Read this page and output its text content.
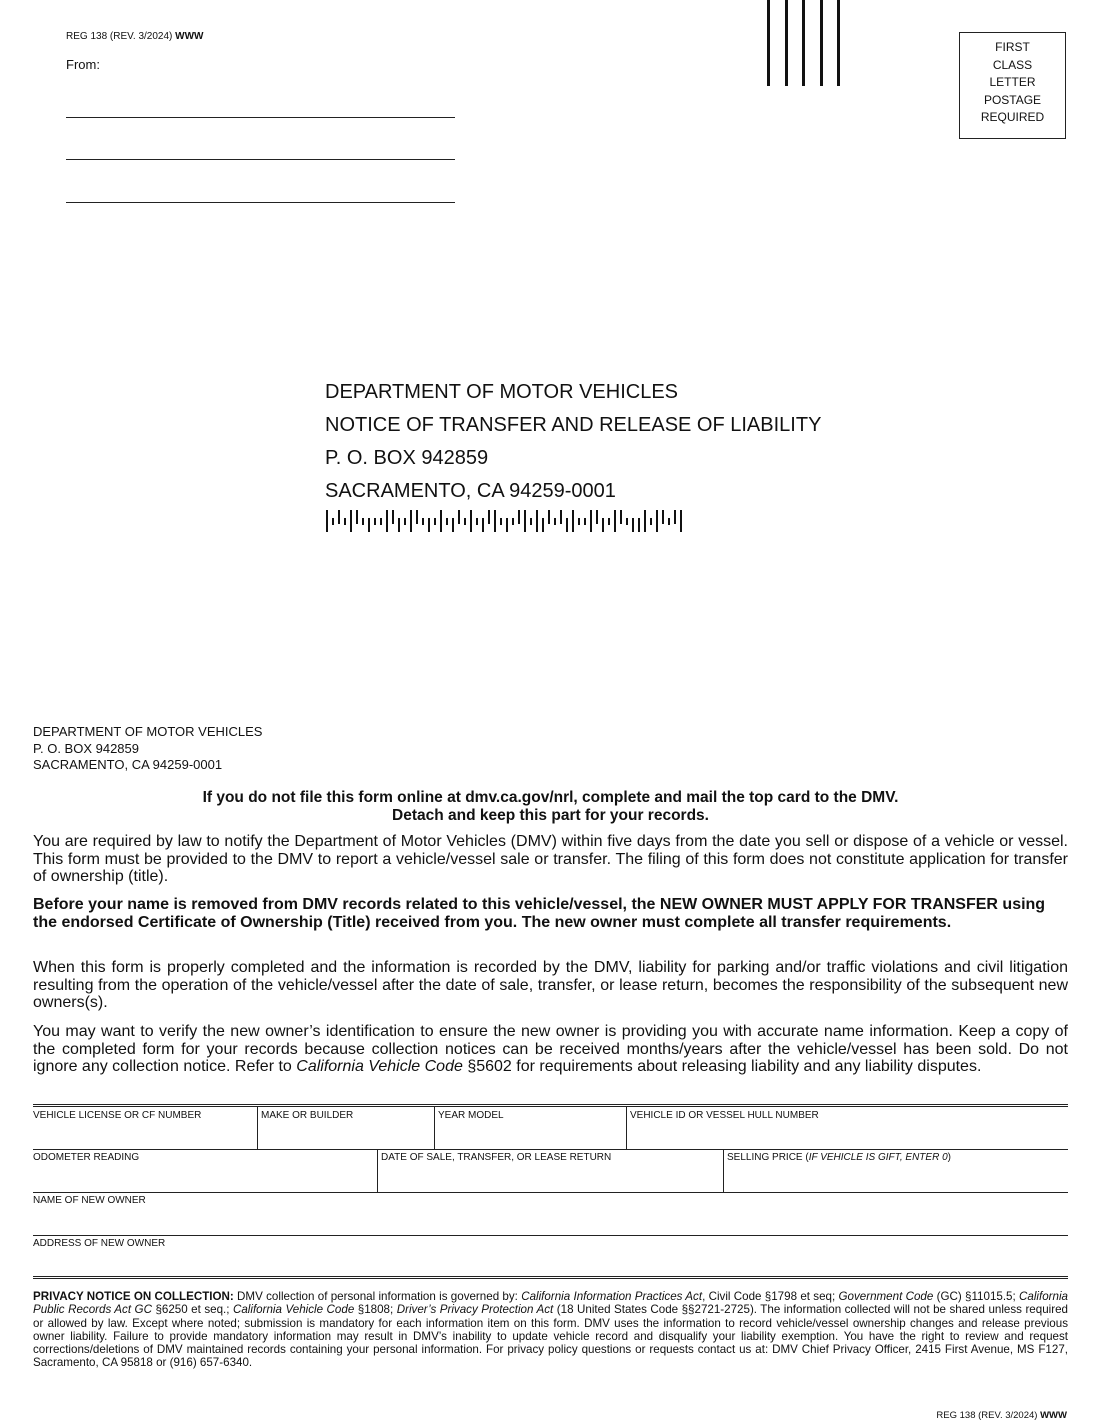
REG 138 (REV. 3/2024) WWW
From:
FIRST
CLASS
LETTER
POSTAGE
REQUIRED
DEPARTMENT OF MOTOR VEHICLES
NOTICE OF TRANSFER AND RELEASE OF LIABILITY
P. O. BOX 942859
SACRAMENTO, CA 94259-0001
DEPARTMENT OF MOTOR VEHICLES
P. O. BOX 942859
SACRAMENTO, CA 94259-0001
If you do not file this form online at dmv.ca.gov/nrl, complete and mail the top card to the DMV.
Detach and keep this part for your records.
You are required by law to notify the Department of Motor Vehicles (DMV) within five days from the date you sell or dispose of a vehicle or vessel. This form must be provided to the DMV to report a vehicle/vessel sale or transfer. The filing of this form does not constitute application for transfer of ownership (title).
Before your name is removed from DMV records related to this vehicle/vessel, the NEW OWNER MUST APPLY FOR TRANSFER using the endorsed Certificate of Ownership (Title) received from you. The new owner must complete all transfer requirements.
When this form is properly completed and the information is recorded by the DMV, liability for parking and/or traffic violations and civil litigation resulting from the operation of the vehicle/vessel after the date of sale, transfer, or lease return, becomes the responsibility of the subsequent new owners(s).
You may want to verify the new owner’s identification to ensure the new owner is providing you with accurate name information. Keep a copy of the completed form for your records because collection notices can be received months/years after the vehicle/vessel has been sold. Do not ignore any collection notice. Refer to California Vehicle Code §5602 for requirements about releasing liability and any liability disputes.
VEHICLE LICENSE OR CF NUMBER	MAKE OR BUILDER	YEAR MODEL	VEHICLE ID OR VESSEL HULL NUMBER
ODOMETER READING	DATE OF SALE, TRANSFER, OR LEASE RETURN	SELLING PRICE (IF VEHICLE IS GIFT, ENTER 0)
NAME OF NEW OWNER
ADDRESS OF NEW OWNER
PRIVACY NOTICE ON COLLECTION: DMV collection of personal information is governed by: California Information Practices Act, Civil Code §1798 et seq; Government Code (GC) §11015.5; California Public Records Act GC §6250 et seq.; California Vehicle Code §1808; Driver’s Privacy Protection Act (18 United States Code §§2721-2725). The information collected will not be shared unless required or allowed by law. Except where noted; submission is mandatory for each information item on this form. DMV uses the information to record vehicle/vessel ownership changes and release previous owner liability. Failure to provide mandatory information may result in DMV’s inability to update vehicle record and disqualify your liability exemption. You have the right to review and request corrections/deletions of DMV maintained records containing your personal information. For privacy policy questions or requests contact us at: DMV Chief Privacy Officer, 2415 First Avenue, MS F127, Sacramento, CA 95818 or (916) 657-6340.
REG 138 (REV. 3/2024) WWW
